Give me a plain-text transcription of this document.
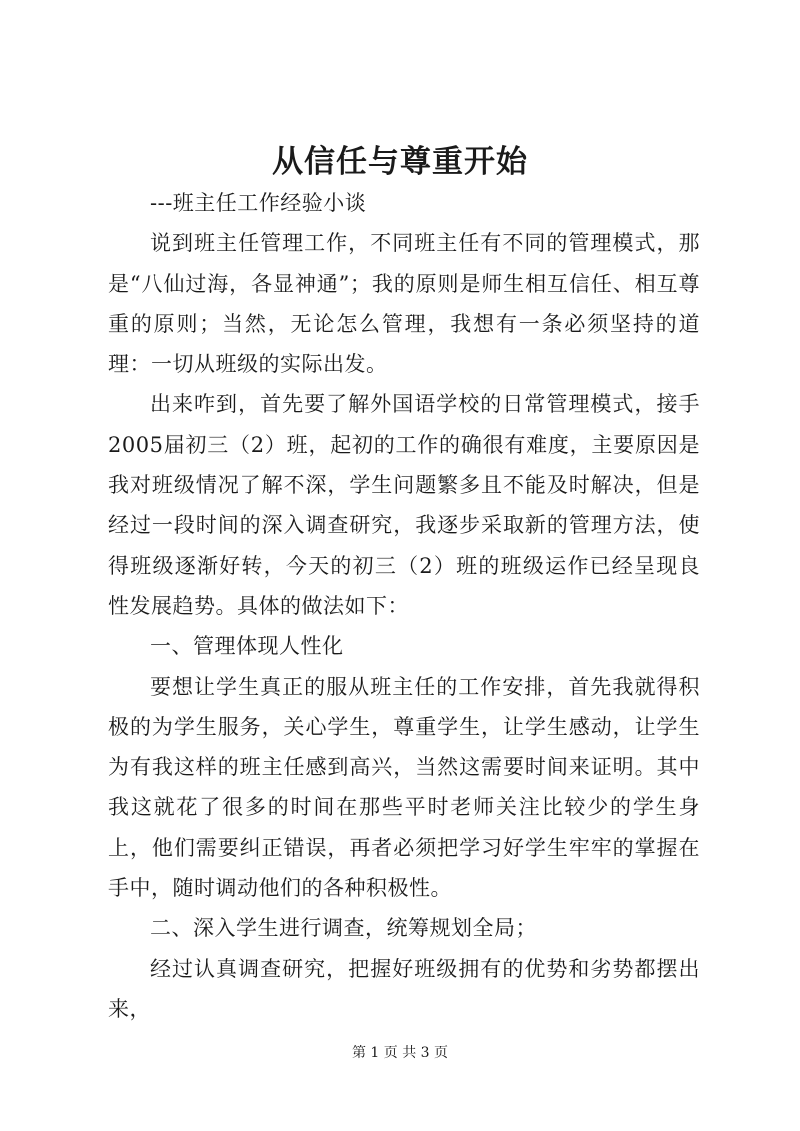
从信任与尊重开始

---班主任工作经验小谈

说到班主任管理工作，不同班主任有不同的管理模式，那是“八仙过海，各显神通”；我的原则是师生相互信任、相互尊重的原则；当然，无论怎么管理，我想有一条必须坚持的道理：一切从班级的实际出发。

出来咋到，首先要了解外国语学校的日常管理模式，接手2005届初三（2）班，起初的工作的确很有难度，主要原因是我对班级情况了解不深，学生问题繁多且不能及时解决，但是经过一段时间的深入调查研究，我逐步采取新的管理方法，使得班级逐渐好转，今天的初三（2）班的班级运作已经呈现良性发展趋势。具体的做法如下：

一、管理体现人性化

要想让学生真正的服从班主任的工作安排，首先我就得积极的为学生服务，关心学生，尊重学生，让学生感动，让学生为有我这样的班主任感到高兴，当然这需要时间来证明。其中我这就花了很多的时间在那些平时老师关注比较少的学生身上，他们需要纠正错误，再者必须把学习好学生牢牢的掌握在手中，随时调动他们的各种积极性。

二、深入学生进行调查，统筹规划全局；

经过认真调查研究，把握好班级拥有的优势和劣势都摆出来，

第 1 页 共 3 页
